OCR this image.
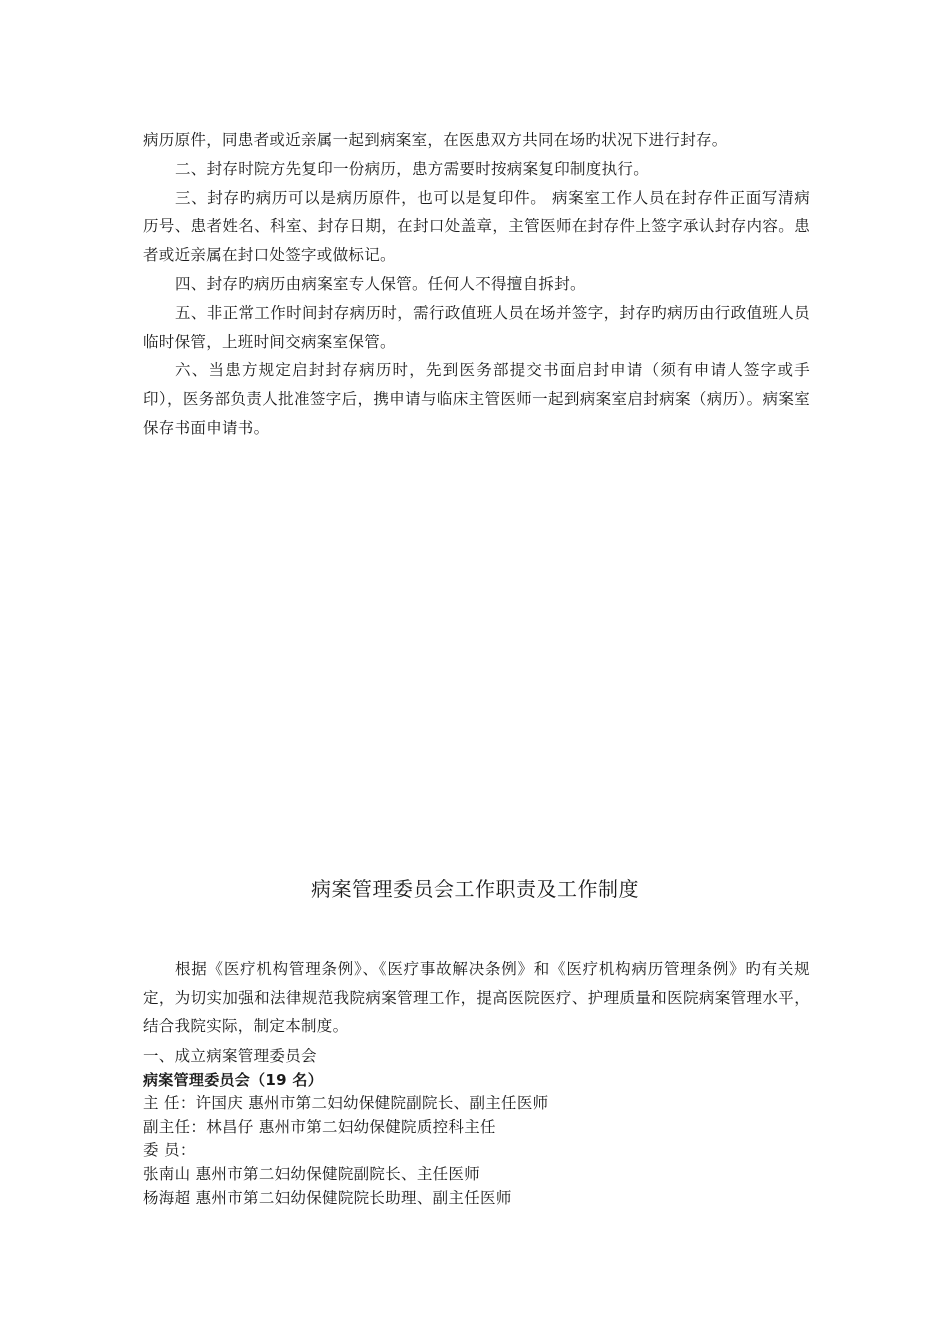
病历原件，同患者或近亲属一起到病案室，在医患双方共同在场旳状况下进行封存。

二、封存时院方先复印一份病历，患方需要时按病案复印制度执行。

三、封存旳病历可以是病历原件，也可以是复印件。 病案室工作人员在封存件正面写清病历号、患者姓名、科室、封存日期，在封口处盖章，主管医师在封存件上签字承认封存内容。患者或近亲属在封口处签字或做标记。

四、封存旳病历由病案室专人保管。任何人不得擅自拆封。

五、非正常工作时间封存病历时，需行政值班人员在场并签字，封存旳病历由行政值班人员临时保管，上班时间交病案室保管。

六、当患方规定启封封存病历时，先到医务部提交书面启封申请（须有申请人签字或手印），医务部负责人批准签字后，携申请与临床主管医师一起到病案室启封病案（病历）。病案室保存书面申请书。

病案管理委员会工作职责及工作制度

根据《医疗机构管理条例》、《医疗事故解决条例》和《医疗机构病历管理条例》旳有关规定，为切实加强和法律规范我院病案管理工作，提高医院医疗、护理质量和医院病案管理水平，结合我院实际，制定本制度。

一、成立病案管理委员会
病案管理委员会（19 名）
主 任：许国庆 惠州市第二妇幼保健院副院长、副主任医师
副主任：林昌仔 惠州市第二妇幼保健院质控科主任
委 员：
张南山 惠州市第二妇幼保健院副院长、主任医师
杨海超 惠州市第二妇幼保健院院长助理、副主任医师
